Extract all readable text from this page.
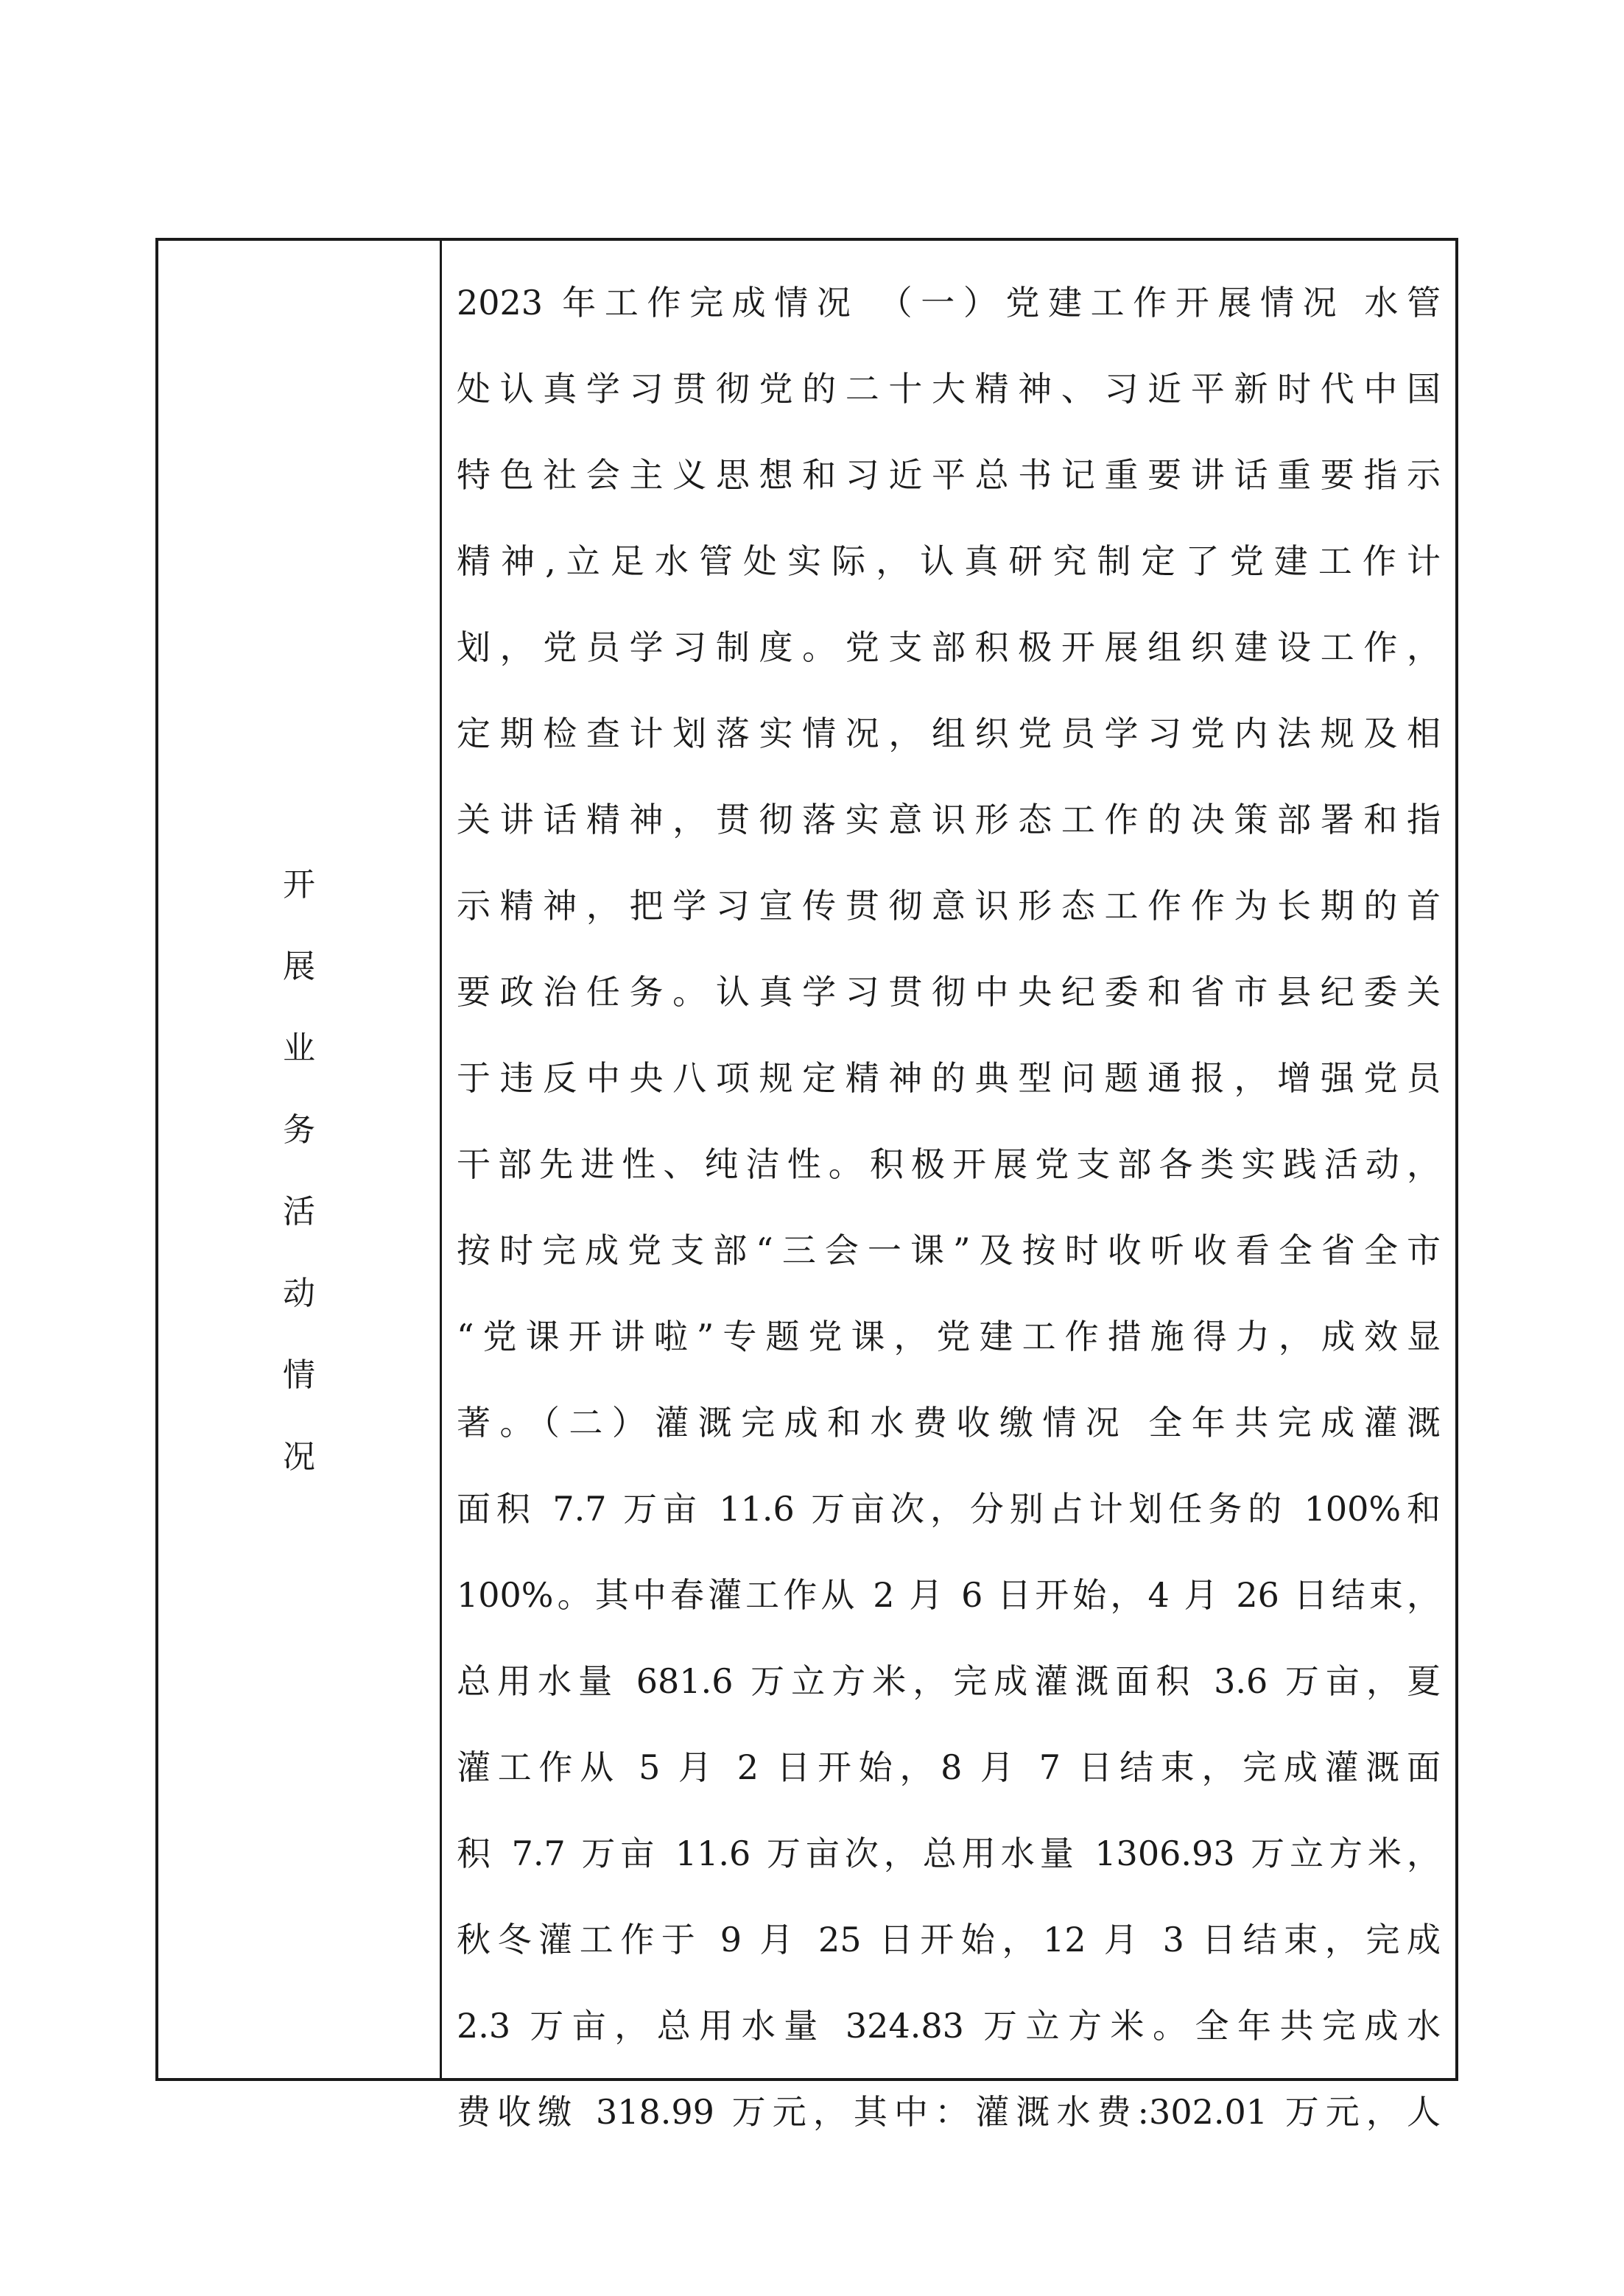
开
展
业
务
活
动
情
况
2023 年工作完成情况 （一）党建工作开展情况 水管
处认真学习贯彻党的二十大精神、习近平新时代中国
特色社会主义思想和习近平总书记重要讲话重要指示
精神,立足水管处实际，认真研究制定了党建工作计
划，党员学习制度。党支部积极开展组织建设工作，
定期检查计划落实情况，组织党员学习党内法规及相
关讲话精神，贯彻落实意识形态工作的决策部署和指
示精神，把学习宣传贯彻意识形态工作作为长期的首
要政治任务。认真学习贯彻中央纪委和省市县纪委关
于违反中央八项规定精神的典型问题通报，增强党员
干部先进性、纯洁性。积极开展党支部各类实践活动，
按时完成党支部“三会一课”及按时收听收看全省全市
“党课开讲啦”专题党课，党建工作措施得力，成效显
著。（二）灌溉完成和水费收缴情况 全年共完成灌溉
面积 7.7 万亩 11.6 万亩次，分别占计划任务的 100%和
100%。其中春灌工作从 2 月 6 日开始，4 月 26 日结束，
总用水量 681.6 万立方米，完成灌溉面积 3.6 万亩，夏
灌工作从 5 月 2 日开始，8 月 7 日结束，完成灌溉面
积 7.7 万亩 11.6 万亩次，总用水量 1306.93 万立方米，
秋冬灌工作于 9 月 25 日开始，12 月 3 日结束，完成
2.3 万亩，总用水量 324.83 万立方米。全年共完成水
费收缴 318.99 万元，其中：灌溉水费:302.01 万元，人
